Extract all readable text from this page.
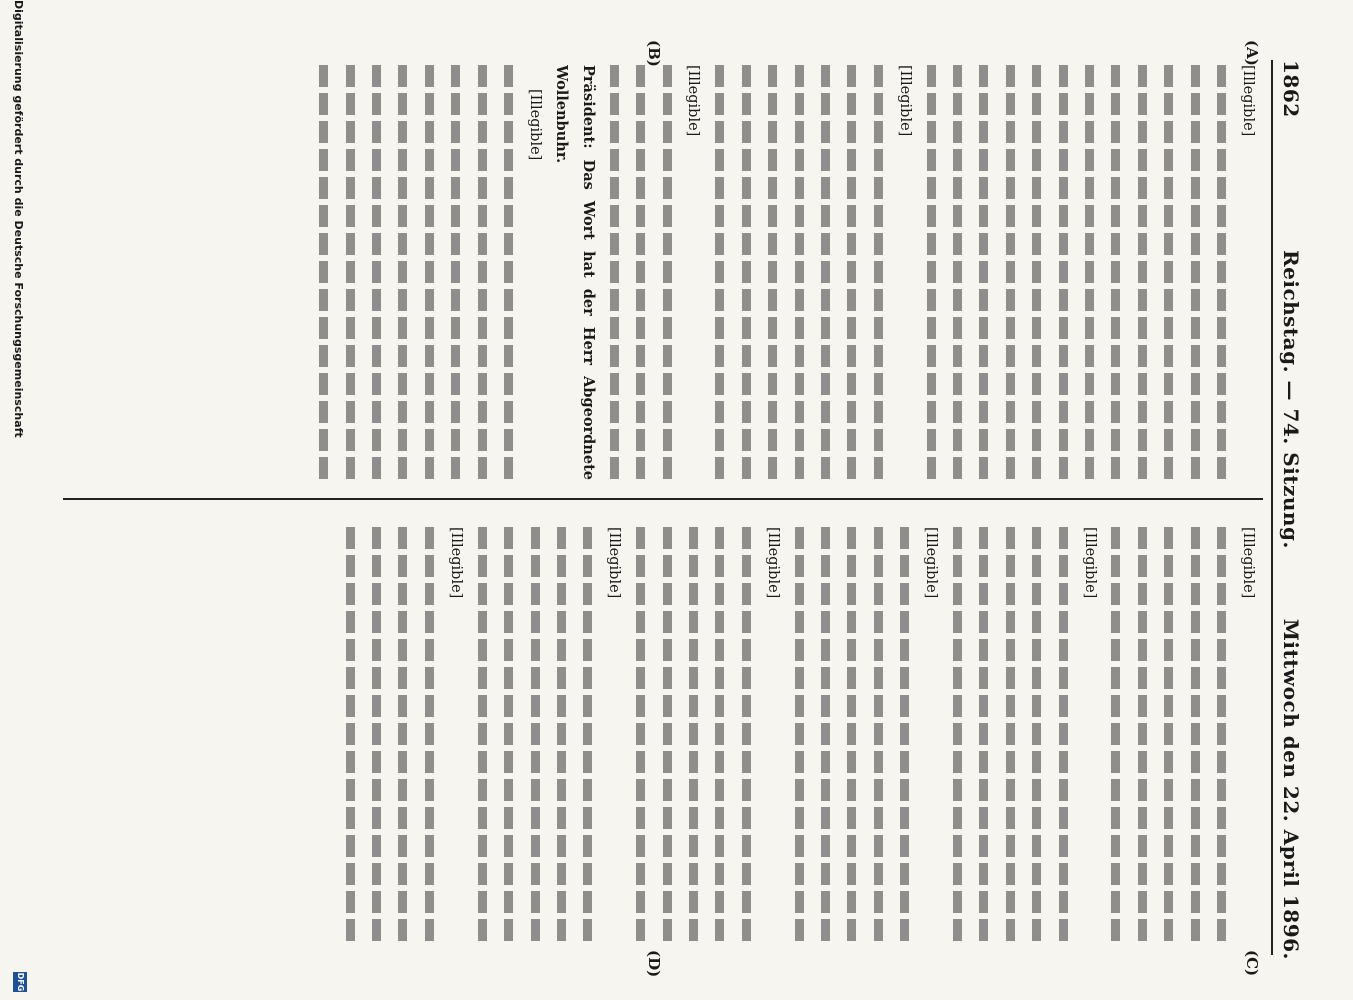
1862
Reichstag. — 74. Sitzung.
Mittwoch den 22. April 1896.
(A)
(B)
(C)
(D)

[Illegible]

[Illegible]

[Illegible]

Präsident: Das Wort hat der Herr Abgeordnete Wollenbuhr.

[Illegible]

[Illegible]

[Illegible]

[Illegible]

[Illegible]

[Illegible]

[Illegible]

Digitalisierung gefördert durch die Deutsche Forschungsgemeinschaft
DFG
